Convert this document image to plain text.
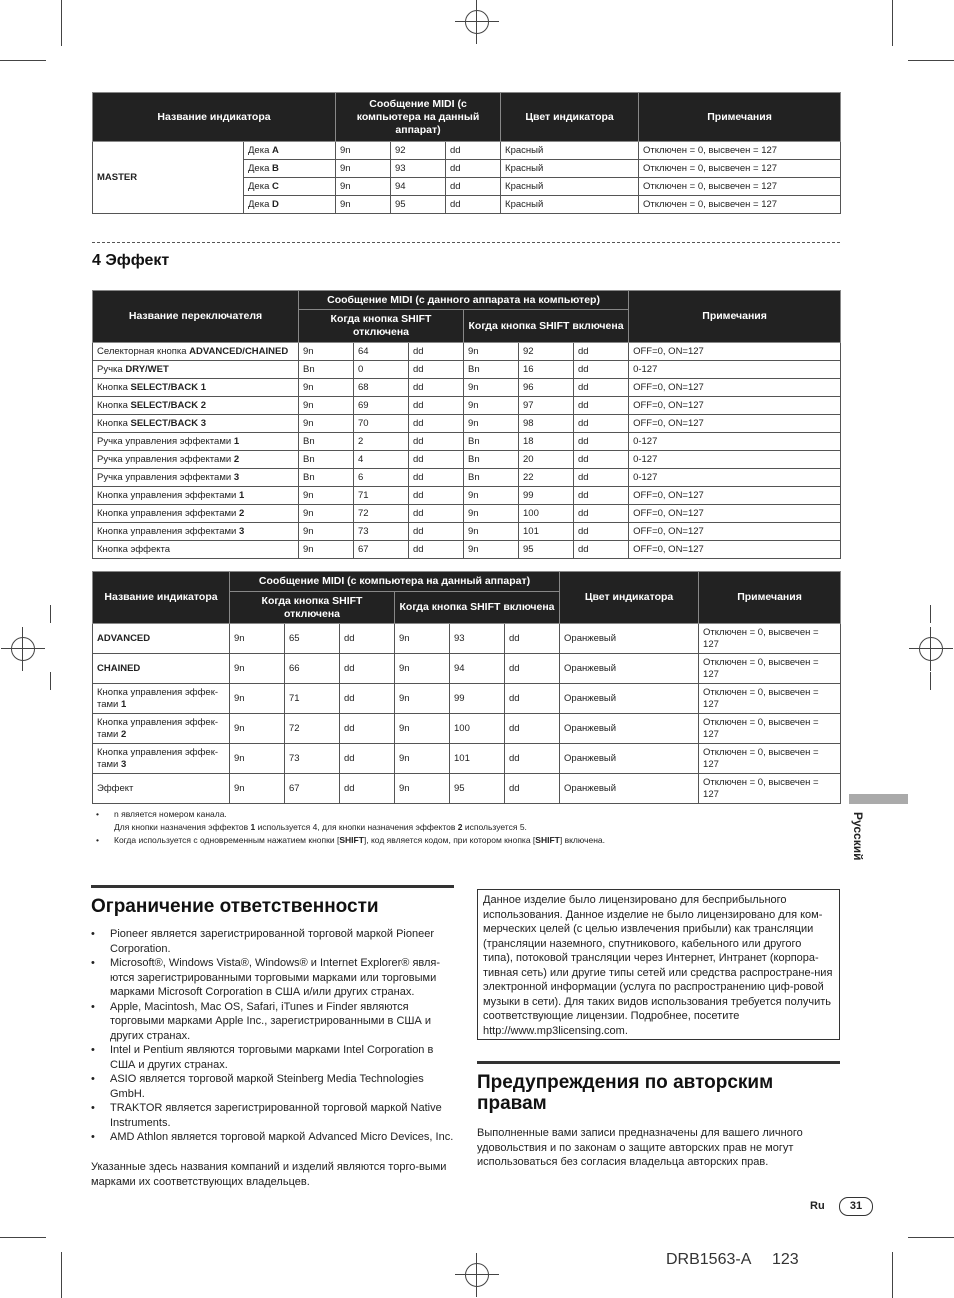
Название индикатора		Сообщение MIDI (с компьютера на данный аппарат)			Цвет индикатора	Примечания
MASTER	Дека A	9n	92	dd	Красный	Отключен = 0, высвечен = 127
	Дека B	9n	93	dd	Красный	Отключен = 0, высвечен = 127
	Дека C	9n	94	dd	Красный	Отключен = 0, высвечен = 127
	Дека D	9n	95	dd	Красный	Отключен = 0, высвечен = 127
4 Эффект
Название переключателя	Сообщение MIDI (с данного аппарата на компьютер)						Примечания
	Когда кнопка SHIFT отключена			Когда кнопка SHIFT включена			
Селекторная кнопка ADVANCED/CHAINED	9n	64	dd	9n	92	dd	OFF=0, ON=127
Ручка DRY/WET	Bn	0	dd	Bn	16	dd	0-127
Кнопка SELECT/BACK 1	9n	68	dd	9n	96	dd	OFF=0, ON=127
Кнопка SELECT/BACK 2	9n	69	dd	9n	97	dd	OFF=0, ON=127
Кнопка SELECT/BACK 3	9n	70	dd	9n	98	dd	OFF=0, ON=127
Ручка управления эффектами 1	Bn	2	dd	Bn	18	dd	0-127
Ручка управления эффектами 2	Bn	4	dd	Bn	20	dd	0-127
Ручка управления эффектами 3	Bn	6	dd	Bn	22	dd	0-127
Кнопка управления эффектами 1	9n	71	dd	9n	99	dd	OFF=0, ON=127
Кнопка управления эффектами 2	9n	72	dd	9n	100	dd	OFF=0, ON=127
Кнопка управления эффектами 3	9n	73	dd	9n	101	dd	OFF=0, ON=127
Кнопка эффекта	9n	67	dd	9n	95	dd	OFF=0, ON=127
Название индикатора	Сообщение MIDI (с компьютера на данный аппарат)						Цвет индикатора	Примечания
	Когда кнопка SHIFT отключена			Когда кнопка SHIFT включена				
ADVANCED	9n	65	dd	9n	93	dd	Оранжевый	Отключен = 0, высвечен = 127
CHAINED	9n	66	dd	9n	94	dd	Оранжевый	Отключен = 0, высвечен = 127
Кнопка управления эффек-тами 1	9n	71	dd	9n	99	dd	Оранжевый	Отключен = 0, высвечен = 127
Кнопка управления эффек-тами 2	9n	72	dd	9n	100	dd	Оранжевый	Отключен = 0, высвечен = 127
Кнопка управления эффек-тами 3	9n	73	dd	9n	101	dd	Оранжевый	Отключен = 0, высвечен = 127
Эффект	9n	67	dd	9n	95	dd	Оранжевый	Отключен = 0, высвечен = 127
• n является номером канала.
Для кнопки назначения эффектов 1 используется 4, для кнопки назначения эффектов 2 используется 5.
• Когда используется с одновременным нажатием кнопки [SHIFT], код является кодом, при котором кнопка [SHIFT] включена.	Русский
Ограничение ответственности
• Pioneer является зарегистрированной торговой маркой Pioneer Corporation.
• Microsoft®, Windows Vista®, Windows® и Internet Explorer® явля-ются зарегистрированными торговыми марками или торговыми марками Microsoft Corporation в США и/или других странах.
• Apple, Macintosh, Mac OS, Safari, iTunes и Finder являются торговыми марками Apple Inc., зарегистрированными в США и других странах.
• Intel и Pentium являются торговыми марками Intel Corporation в США и других странах.
• ASIO является торговой маркой Steinberg Media Technologies GmbH.
• TRAKTOR является зарегистрированной торговой маркой Native Instruments.
• AMD Athlon является торговой маркой Advanced Micro Devices, Inc.

Указанные здесь названия компаний и изделий являются торго-выми марками их соответствующих владельцев.

Данное изделие было лицензировано для бесприбыльного использования. Данное изделие не было лицензировано для ком-мерческих целей (с целью извлечения прибыли) как трансляции (трансляции наземного, спутникового, кабельного или другого типа), потоковой трансляции через Интернет, Интранет (корпора-тивная сеть) или другие типы сетей или средства распростране-ния электронной информации (услуга по распространению циф-ровой музыки в сети). Для таких видов использования требуется получить соответствующие лицензии. Подробнее, посетите http://www.mp3licensing.com.
Предупреждения по авторским правам

Выполненные вами записи предназначены для вашего личного удовольствия и по законам о защите авторских прав не могут использоваться без согласия владельца авторских прав.

Ru	31
DRB1563-A 123
